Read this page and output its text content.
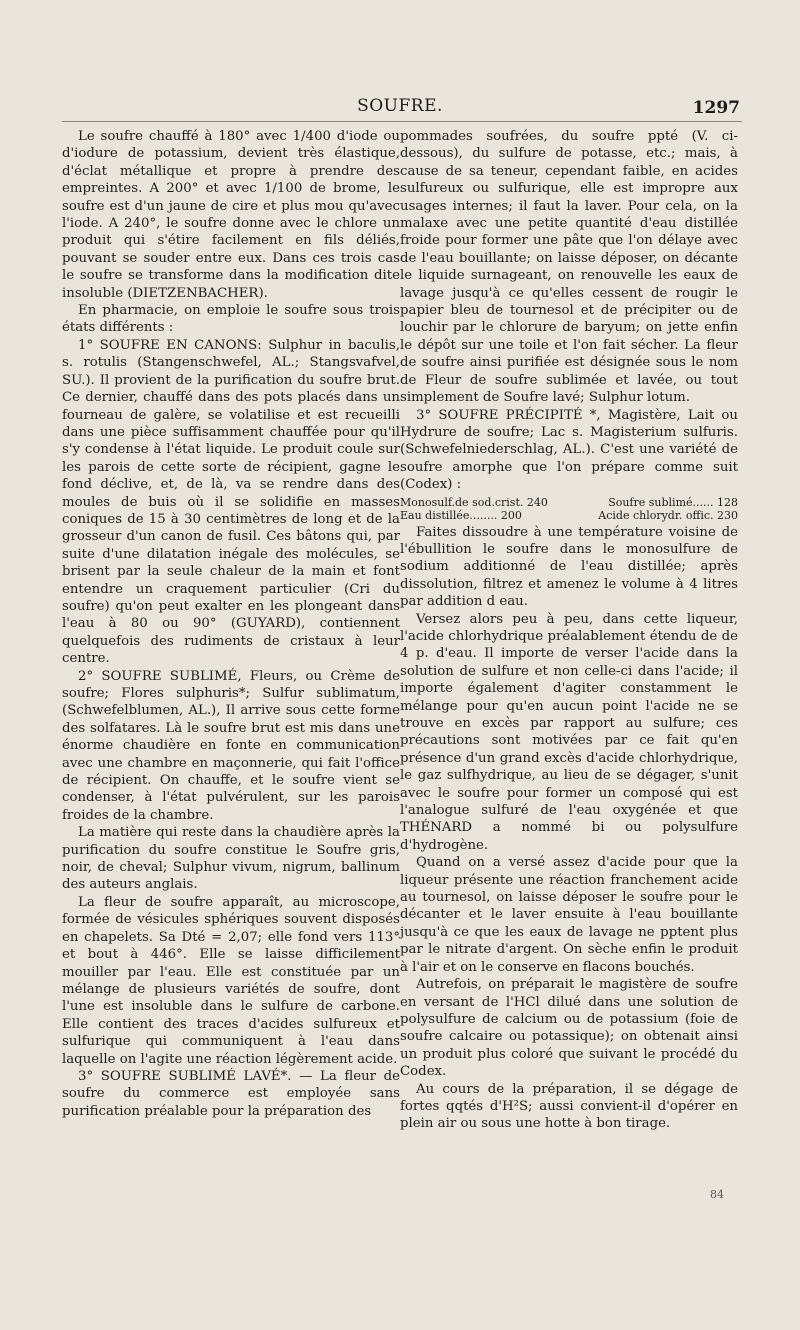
SOUFRE.	1297

Le soufre chauffé à 180° avec 1/400 d'iode ou d'iodure de potassium, devient très élastique, d'éclat métallique et propre à prendre des empreintes. A 200° et avec 1/100 de brome, le soufre est d'un jaune de cire et plus mou qu'avec l'iode. A 240°, le soufre donne avec le chlore un produit qui s'étire facilement en fils déliés, pouvant se souder entre eux. Dans ces trois cas le soufre se transforme dans la modification dite insoluble (DIETZENBACHER).

En pharmacie, on emploie le soufre sous trois états différents :

1° SOUFRE EN CANONS: Sulphur in baculis, s. rotulis (Stangenschwefel, AL.; Stangsvafvel, SU.). Il provient de la purification du soufre brut. Ce dernier, chauffé dans des pots placés dans un fourneau de galère, se volatilise et est recueilli dans une pièce suffisamment chauffée pour qu'il s'y condense à l'état liquide. Le produit coule sur les parois de cette sorte de récipient, gagne le fond déclive, et, de là, va se rendre dans des moules de buis où il se solidifie en masses coniques de 15 à 30 centimètres de long et de la grosseur d'un canon de fusil. Ces bâtons qui, par suite d'une dilatation inégale des molécules, se brisent par la seule chaleur de la main et font entendre un craquement particulier (Cri du soufre) qu'on peut exalter en les plongeant dans l'eau à 80 ou 90° (GUYARD), contiennent quelquefois des rudiments de cristaux à leur centre.

2° SOUFRE SUBLIMÉ, Fleurs, ou Crème de soufre; Flores sulphuris*; Sulfur sublimatum, (Schwefelblumen, AL.), Il arrive sous cette forme des solfatares. Là le soufre brut est mis dans une énorme chaudière en fonte en communication avec une chambre en maçonnerie, qui fait l'office de récipient. On chauffe, et le soufre vient se condenser, à l'état pulvérulent, sur les parois froides de la chambre.

La matière qui reste dans la chaudière après la purification du soufre constitue le Soufre gris, noir, de cheval; Sulphur vivum, nigrum, ballinum des auteurs anglais.

La fleur de soufre apparaît, au microscope, formée de vésicules sphériques souvent disposés en chapelets. Sa Dté = 2,07; elle fond vers 113° et bout à 446°. Elle se laisse difficilement mouiller par l'eau. Elle est constituée par un mélange de plusieurs variétés de soufre, dont l'une est insoluble dans le sulfure de carbone. Elle contient des traces d'acides sulfureux et sulfurique qui communiquent à l'eau dans laquelle on l'agite une réaction légèrement acide.

3° SOUFRE SUBLIMÉ LAVÉ*. — La fleur de soufre du commerce est employée sans purification préalable pour la préparation des

pommades soufrées, du soufre ppté (V. ci-dessous), du sulfure de potasse, etc.; mais, à cause de sa teneur, cependant faible, en acides sulfureux ou sulfurique, elle est impropre aux usages internes; il faut la laver. Pour cela, on la malaxe avec une petite quantité d'eau distillée froide pour former une pâte que l'on délaye avec de l'eau bouillante; on laisse déposer, on décante le liquide surnageant, on renouvelle les eaux de lavage jusqu'à ce qu'elles cessent de rougir le papier bleu de tournesol et de précipiter ou de louchir par le chlorure de baryum; on jette enfin le dépôt sur une toile et l'on fait sécher. La fleur de soufre ainsi purifiée est désignée sous le nom de Fleur de soufre sublimée et lavée, ou tout simplement de Soufre lavé; Sulphur lotum.

3° SOUFRE PRÉCIPITÉ *, Magistère, Lait ou Hydrure de soufre; Lac s. Magisterium sulfuris. (Schwefelniederschlag, AL.). C'est une variété de soufre amorphe que l'on prépare comme suit (Codex) :

Monosulf.de sod.crist. 240	Soufre sublimé...... 128
Eau distillée........ 200	Acide chlorydr. offic. 230

Faites dissoudre à une température voisine de l'ébullition le soufre dans le monosulfure de sodium additionné de l'eau distillée; après dissolution, filtrez et amenez le volume à 4 litres par addition d eau.

Versez alors peu à peu, dans cette liqueur, l'acide chlorhydrique préalablement étendu de de 4 p. d'eau. Il importe de verser l'acide dans la solution de sulfure et non celle-ci dans l'acide; il importe également d'agiter constamment le mélange pour qu'en aucun point l'acide ne se trouve en excès par rapport au sulfure; ces précautions sont motivées par ce fait qu'en présence d'un grand excès d'acide chlorhydrique, le gaz sulfhydrique, au lieu de se dégager, s'unit avec le soufre pour former un composé qui est l'analogue sulfuré de l'eau oxygénée et que THÉNARD a nommé bi ou polysulfure d'hydrogène.

Quand on a versé assez d'acide pour que la liqueur présente une réaction franchement acide au tournesol, on laisse déposer le soufre pour le décanter et le laver ensuite à l'eau bouillante jusqu'à ce que les eaux de lavage ne pptent plus par le nitrate d'argent. On sèche enfin le produit à l'air et on le conserve en flacons bouchés.

Autrefois, on préparait le magistère de soufre en versant de l'HCl dilué dans une solution de polysulfure de calcium ou de potassium (foie de soufre calcaire ou potassique); on obtenait ainsi un produit plus coloré que suivant le procédé du Codex.

Au cours de la préparation, il se dégage de fortes qqtés d'H²S; aussi convient-il d'opérer en plein air ou sous une hotte à bon tirage.

84
